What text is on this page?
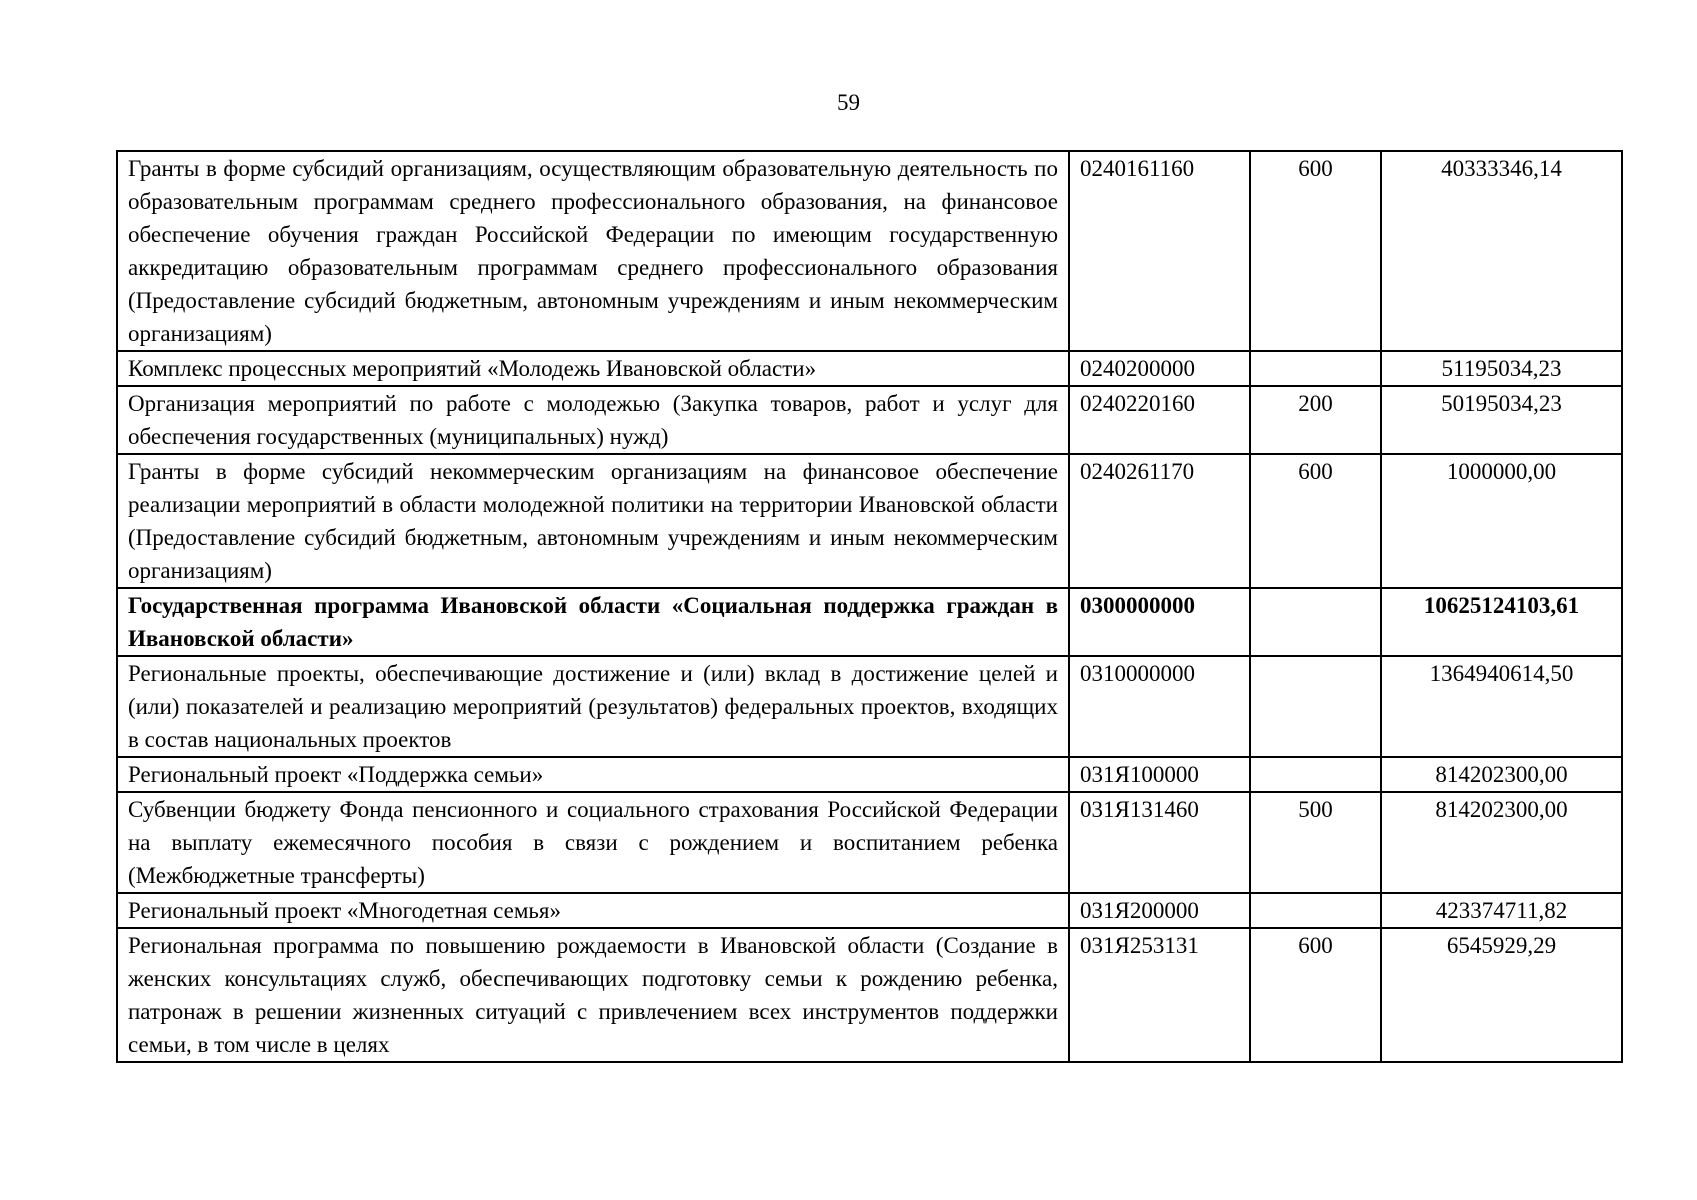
59
Гранты в форме субсидий организациям, осуществляющим образовательную деятельность по образовательным программам среднего профессионального образования, на финансовое обеспечение обучения граждан Российской Федерации по имеющим государственную аккредитацию образовательным программам среднего профессионального образования (Предоставление субсидий бюджетным, автономным учреждениям и иным некоммерческим организациям)	0240161160	600	40333346,14
Комплекс процессных мероприятий «Молодежь Ивановской области»	0240200000		51195034,23
Организация мероприятий по работе с молодежью (Закупка товаров, работ и услуг для обеспечения государственных (муниципальных) нужд)	0240220160	200	50195034,23
Гранты в форме субсидий некоммерческим организациям на финансовое обеспечение реализации мероприятий в области молодежной политики на территории Ивановской области (Предоставление субсидий бюджетным, автономным учреждениям и иным некоммерческим организациям)	0240261170	600	1000000,00
Государственная программа Ивановской области «Социальная поддержка граждан в Ивановской области»	0300000000		10625124103,61
Региональные проекты, обеспечивающие достижение и (или) вклад в достижение целей и (или) показателей и реализацию мероприятий (результатов) федеральных проектов, входящих в состав национальных проектов	0310000000		1364940614,50
Региональный проект «Поддержка семьи»	031Я100000		814202300,00
Субвенции бюджету Фонда пенсионного и социального страхования Российской Федерации на выплату ежемесячного пособия в связи с рождением и воспитанием ребенка (Межбюджетные трансферты)	031Я131460	500	814202300,00
Региональный проект «Многодетная семья»	031Я200000		423374711,82
Региональная программа по повышению рождаемости в Ивановской области (Создание в женских консультациях служб, обеспечивающих подготовку семьи к рождению ребенка, патронаж в решении жизненных ситуаций с привлечением всех инструментов поддержки семьи, в том числе в целях	031Я253131	600	6545929,29
